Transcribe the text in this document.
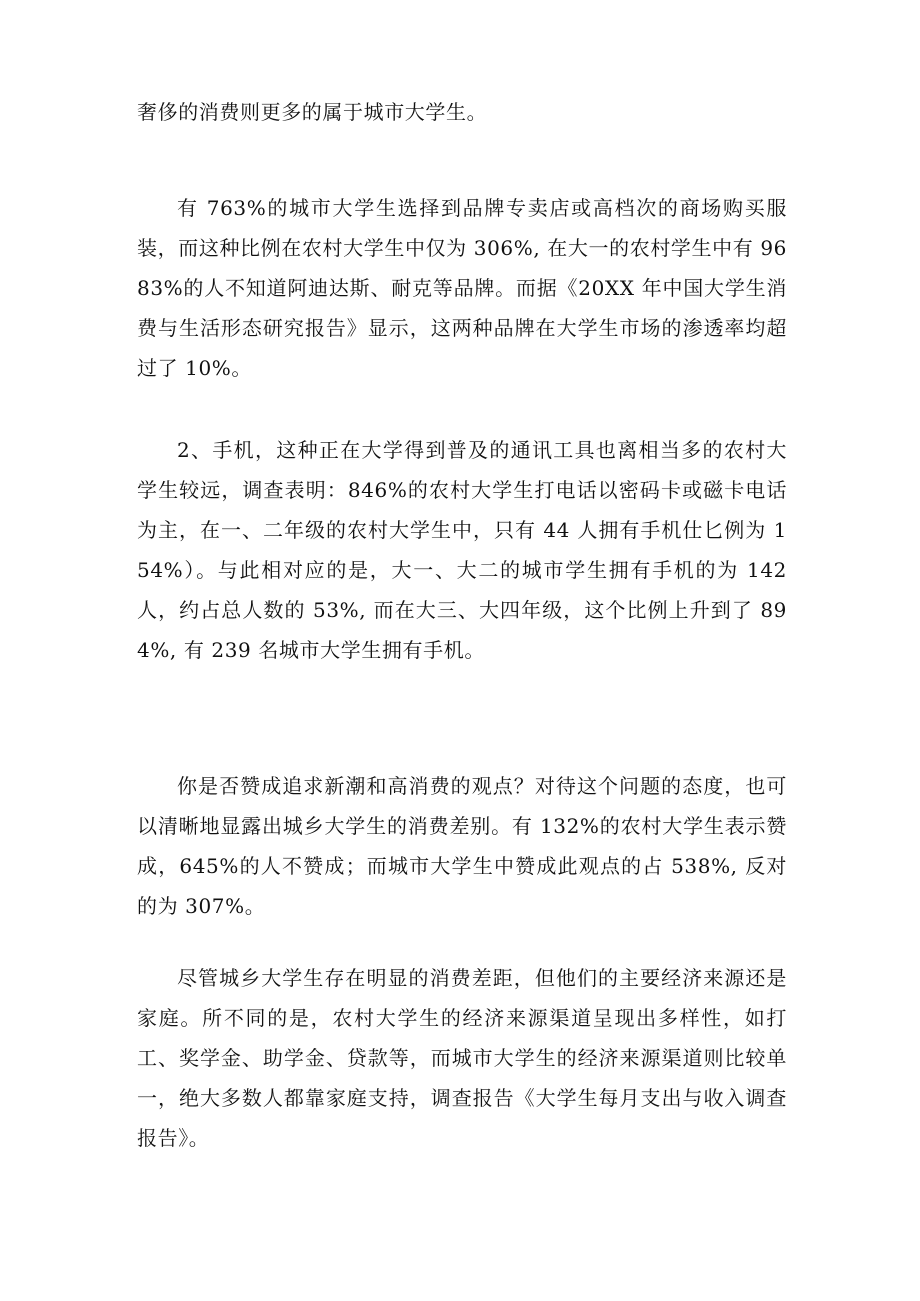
奢侈的消费则更多的属于城市大学生。

有 763%的城市大学生选择到品牌专卖店或高档次的商场购买服装，而这种比例在农村大学生中仅为 306%, 在大一的农村学生中有 9683%的人不知道阿迪达斯、耐克等品牌。而据《20XX 年中国大学生消费与生活形态研究报告》显示，这两种品牌在大学生市场的渗透率均超过了 10%。

2、手机，这种正在大学得到普及的通讯工具也离相当多的农村大学生较远，调查表明：846%的农村大学生打电话以密码卡或磁卡电话为主，在一、二年级的农村大学生中，只有 44 人拥有手机仕匕例为 154%）。与此相对应的是，大一、大二的城市学生拥有手机的为 142 人，约占总人数的 53%, 而在大三、大四年级，这个比例上升到了 894%, 有 239 名城市大学生拥有手机。

你是否赞成追求新潮和高消费的观点？对待这个问题的态度，也可以清晰地显露出城乡大学生的消费差别。有 132%的农村大学生表示赞成，645%的人不赞成；而城市大学生中赞成此观点的占 538%, 反对的为 307%。

尽管城乡大学生存在明显的消费差距，但他们的主要经济来源还是家庭。所不同的是，农村大学生的经济来源渠道呈现出多样性，如打工、奖学金、助学金、贷款等，而城市大学生的经济来源渠道则比较单一，绝大多数人都靠家庭支持，调查报告《大学生每月支出与收入调查报告》。
